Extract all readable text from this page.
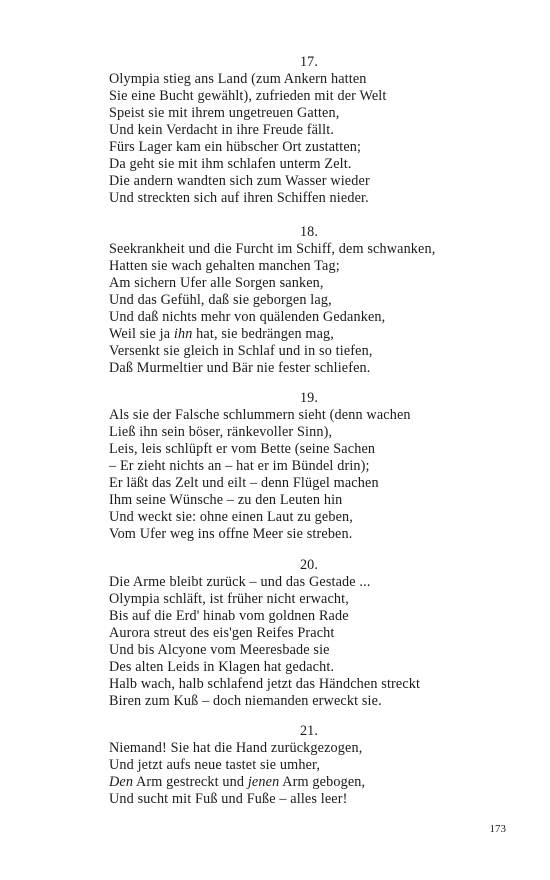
17.
Olympia stieg ans Land (zum Ankern hatten
Sie eine Bucht gewählt), zufrieden mit der Welt
Speist sie mit ihrem ungetreuen Gatten,
Und kein Verdacht in ihre Freude fällt.
Fürs Lager kam ein hübscher Ort zustatten;
Da geht sie mit ihm schlafen unterm Zelt.
Die andern wandten sich zum Wasser wieder
Und streckten sich auf ihren Schiffen nieder.
18.
Seekrankheit und die Furcht im Schiff, dem schwanken,
Hatten sie wach gehalten manchen Tag;
Am sichern Ufer alle Sorgen sanken,
Und das Gefühl, daß sie geborgen lag,
Und daß nichts mehr von quälenden Gedanken,
Weil sie ja ihn hat, sie bedrängen mag,
Versenkt sie gleich in Schlaf und in so tiefen,
Daß Murmeltier und Bär nie fester schliefen.
19.
Als sie der Falsche schlummern sieht (denn wachen
Ließ ihn sein böser, ränkevoller Sinn),
Leis, leis schlüpft er vom Bette (seine Sachen
– Er zieht nichts an – hat er im Bündel drin);
Er läßt das Zelt und eilt – denn Flügel machen
Ihm seine Wünsche – zu den Leuten hin
Und weckt sie: ohne einen Laut zu geben,
Vom Ufer weg ins offne Meer sie streben.
20.
Die Arme bleibt zurück – und das Gestade ...
Olympia schläft, ist früher nicht erwacht,
Bis auf die Erd' hinab vom goldnen Rade
Aurora streut des eis'gen Reifes Pracht
Und bis Alcyone vom Meeresbade sie
Des alten Leids in Klagen hat gedacht.
Halb wach, halb schlafend jetzt das Händchen streckt
Biren zum Kuß – doch niemanden erweckt sie.
21.
Niemand! Sie hat die Hand zurückgezogen,
Und jetzt aufs neue tastet sie umher,
Den Arm gestreckt und jenen Arm gebogen,
Und sucht mit Fuß und Fuße – alles leer!
173
